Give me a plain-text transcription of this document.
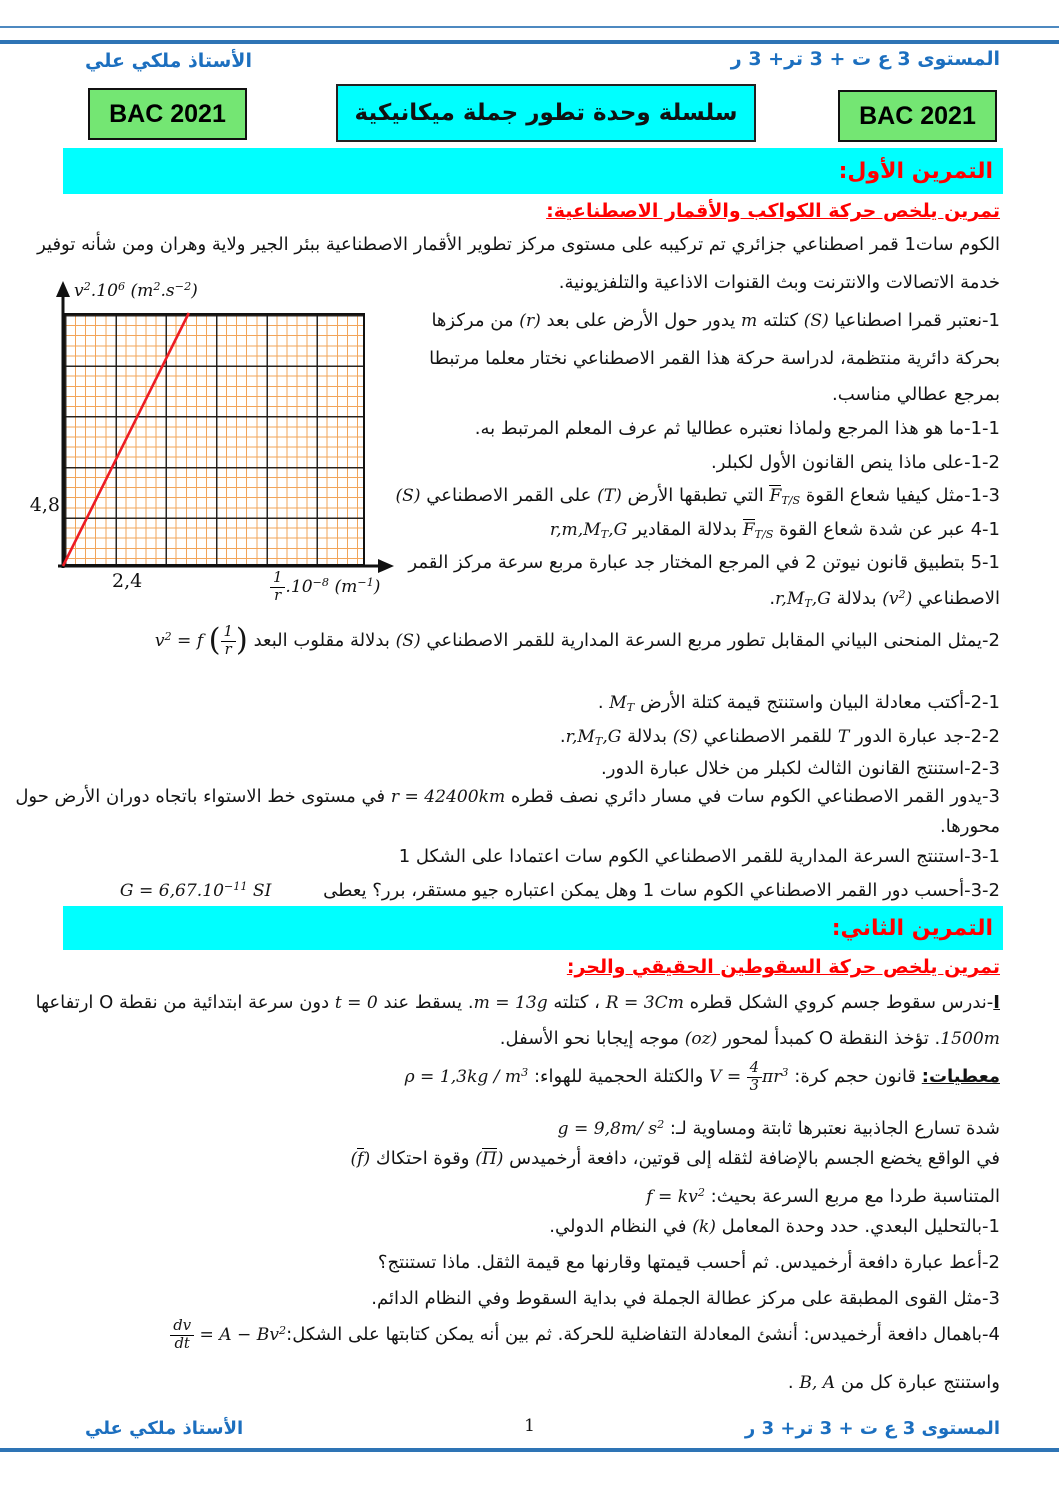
المستوى 3 ع ت + 3 تر+ 3 ر
الأستاذ ملكي علي
BAC 2021	سلسلة وحدة تطور جملة ميكانيكية	BAC 2021
التمرين الأول:
تمرين يلخص حركة الكواكب والأقمار الاصطناعية:
$v^2.10^6$ $(m^2.s^{-2})$
$\frac{1}{r} .10^{-8}$ $(m^{-1})$
4,8
2,4
الكوم سات1 قمر اصطناعي جزائري تم تركيبه على مستوى مركز تطوير الأقمار الاصطناعية ببئر الجير ولاية وهران ومن شأنه توفير
خدمة الاتصالات والانترنت وبث القنوات الاذاعية والتلفزيونية.
1-نعتبر قمرا اصطناعيا (S) كتلته m يدور حول الأرض على بعد (r) من مركزها
بحركة دائرية منتظمة، لدراسة حركة هذا القمر الاصطناعي نختار معلما مرتبطا
بمرجع عطالي مناسب.
1-1-ما هو هذا المرجع ولماذا نعتبره عطاليا ثم عرف المعلم المرتبط به.
1-2-على ماذا ينص القانون الأول لكبلر.
1-3-مثل كيفيا شعاع القوة FT/S التي تطبقها الأرض (T) على القمر الاصطناعي (S)
4-1 عبر عن شدة شعاع القوة FT/S بدلالة المقادير r,m,MT,G
5-1 بتطبيق قانون نيوتن 2 في المرجع المختار جد عبارة مربع سرعة مركز القمر
الاصطناعي $(v^2)$ بدلالة r,MT,G.
2-يمثل المنحنى البياني المقابل تطور مربع السرعة المدارية للقمر الاصطناعي (S) بدلالة مقلوب البعد $v^2 = f$ ( $\frac{1}{r}$ )
2-1-أكتب معادلة البيان واستنتج قيمة كتلة الأرض MT .
2-2-جد عبارة الدور T للقمر الاصطناعي (S) بدلالة r,MT,G.
2-3-استنتج القانون الثالث لكبلر من خلال عبارة الدور.
3-يدور القمر الاصطناعي الكوم سات في مسار دائري نصف قطره r = 42400km في مستوى خط الاستواء باتجاه دوران الأرض حول
محورها.
3-1-استنتج السرعة المدارية للقمر الاصطناعي الكوم سات اعتمادا على الشكل 1
3-2-أحسب دور القمر الاصطناعي الكوم سات 1 وهل يمكن اعتباره جيو مستقر، برر؟ يعطى  $G = 6,67.10^{-11}$ SI
التمرين الثاني:
تمرين يلخص حركة السقوطين الحقيقي والحر:
I-ندرس سقوط جسم كروي الشكل قطره R = 3Cm ، كتلته m = 13g. يسقط عند t = 0 دون سرعة ابتدائية من نقطة O ارتفاعها
1500m. تؤخذ النقطة O كمبدأ لمحور (oz) موجه إيجابا نحو الأسفل.
معطيات: قانون حجم كرة: $V = \frac{4}{3} \pi r^3$ والكتلة الحجمية للهواء: $\rho = 1,3kg / m^3$
شدة تسارع الجاذبية نعتبرها ثابتة ومساوية لـ: g = 9,8m/ $s^2$
في الواقع يخضع الجسم بالإضافة لثقله إلى قوتين، دافعة أرخميدس (Π) وقوة احتكاك (f)
المتناسبة طردا مع مربع السرعة بحيث: $f = kv^2$
1-بالتحليل البعدي. حدد وحدة المعامل (k) في النظام الدولي.
2-أعط عبارة دافعة أرخميدس. ثم أحسب قيمتها وقارنها مع قيمة الثقل. ماذا تستنتج؟
3-مثل القوى المطبقة على مركز عطالة الجملة في بداية السقوط وفي النظام الدائم.
4-باهمال دافعة أرخميدس: أنشئ المعادلة التفاضلية للحركة. ثم بين أنه يمكن كتابتها على الشكل:
$\frac{dv}{dt} = A - Bv^2$
واستنتج عبارة كل من B, A .
المستوى 3 ع ت + 3 تر+ 3 ر
1
الأستاذ ملكي علي
